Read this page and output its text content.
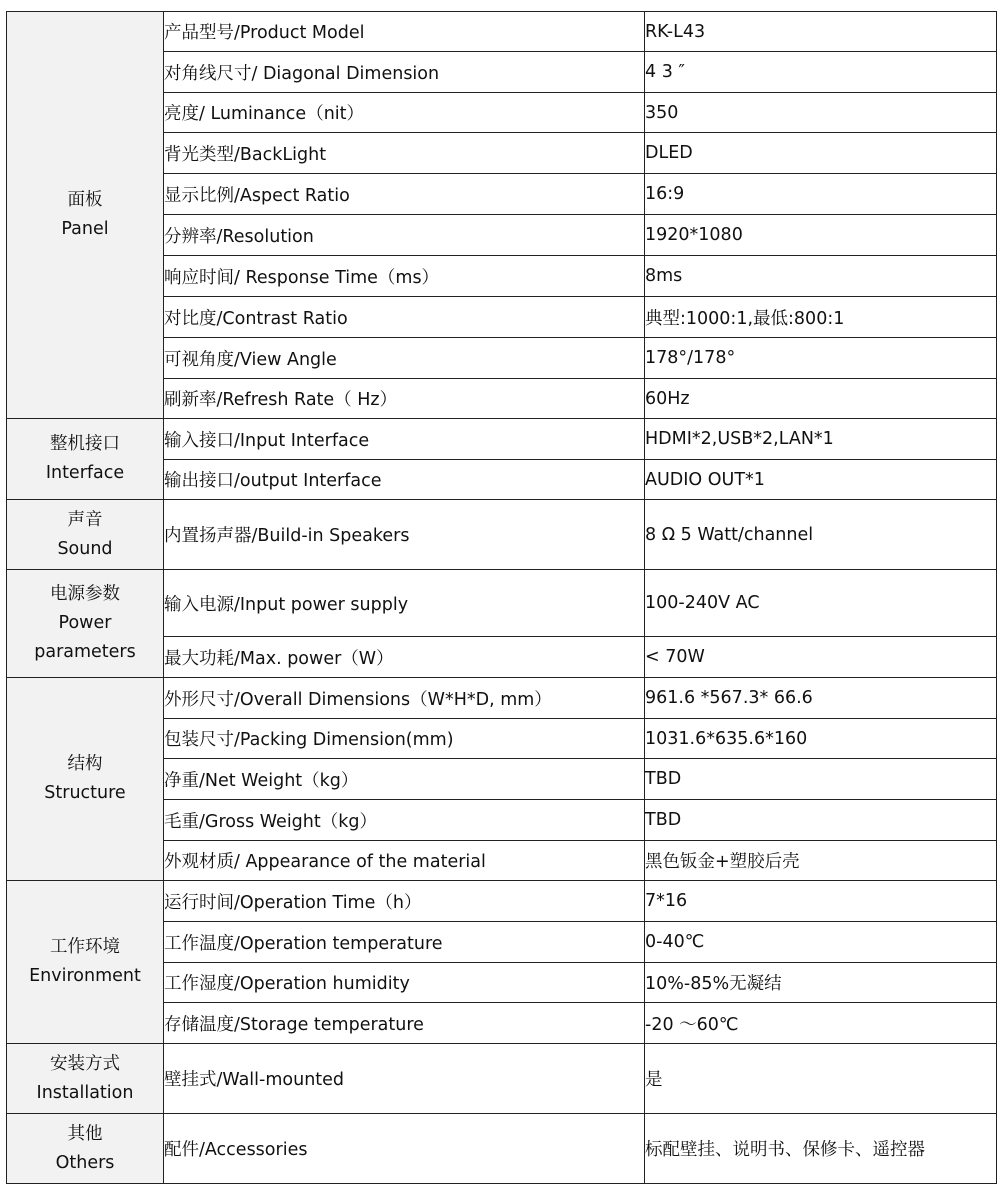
面板
Panel	产品型号/Product Model	RK-L43
	对角线尺寸/ Diagonal Dimension	4 3 ″
	亮度/ Luminance（nit）	350
	背光类型/BackLight	DLED
	显示比例/Aspect Ratio	16:9
	分辨率/Resolution	1920*1080
	响应时间/ Response Time（ms）	8ms
	对比度/Contrast Ratio	典型:1000:1,最低:800:1
	可视角度/View Angle	178°/178°
	刷新率/Refresh Rate（ Hz）	60Hz

整机接口
Interface	输入接口/Input Interface	HDMI*2,USB*2,LAN*1
	输出接口/output Interface	AUDIO OUT*1

声音
Sound	内置扬声器/Build-in Speakers	8 Ω 5 Watt/channel

电源参数
Power
parameters	输入电源/Input power supply	100-240V AC
	最大功耗/Max. power（W）	< 70W

结构
Structure	外形尺寸/Overall Dimensions（W*H*D, mm）	961.6 *567.3* 66.6
	包装尺寸/Packing Dimension(mm)	1031.6*635.6*160
	净重/Net Weight（kg）	TBD
	毛重/Gross Weight（kg）	TBD
	外观材质/ Appearance of the material	黑色钣金+塑胶后壳

工作环境
Environment	运行时间/Operation Time（h）	7*16
	工作温度/Operation temperature	0-40℃
	工作湿度/Operation humidity	10%-85%无凝结
	存储温度/Storage temperature	-20 ～60℃

安装方式
Installation	壁挂式/Wall-mounted	是

其他
Others	配件/Accessories	标配壁挂、说明书、保修卡、遥控器
